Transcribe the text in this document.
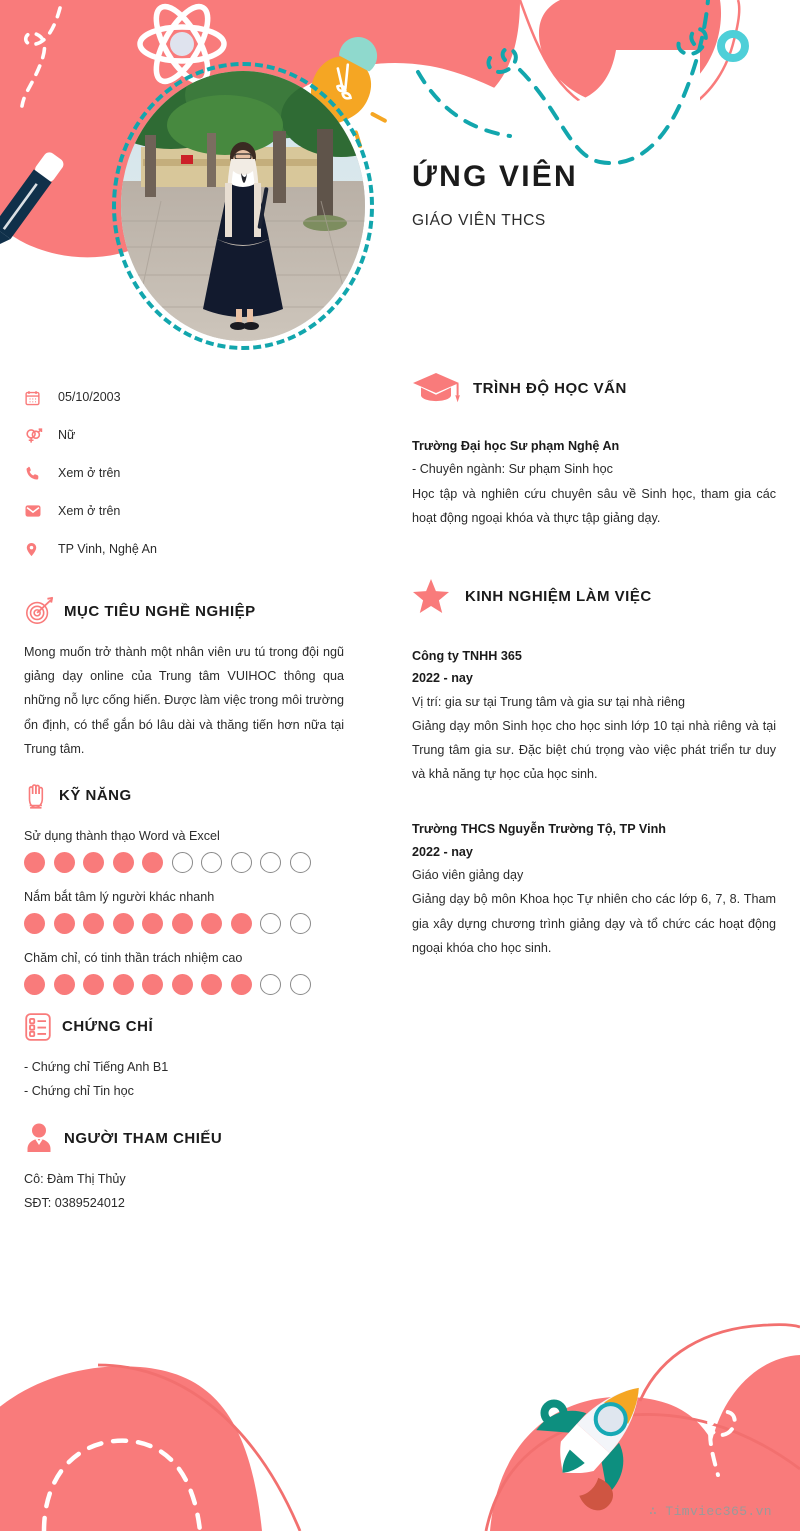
ỨNG VIÊN
GIÁO VIÊN THCS
05/10/2003
Nữ
Xem ở trên
Xem ở trên
TP Vinh, Nghệ An
MỤC TIÊU NGHỀ NGHIỆP
Mong muốn trở thành một nhân viên ưu tú trong đội ngũ giảng dạy online của Trung tâm VUIHOC thông qua những nỗ lực cống hiến. Được làm việc trong môi trường ổn định, có thể gắn bó lâu dài và thăng tiến hơn nữa tại Trung tâm.
KỸ NĂNG
Sử dụng thành thạo Word và Excel
Nắm bắt tâm lý người khác nhanh
Chăm chỉ, có tinh thần trách nhiệm cao
CHỨNG CHỈ
- Chứng chỉ Tiếng Anh B1
- Chứng chỉ Tin học
NGƯỜI THAM CHIẾU
Cô: Đàm Thị Thủy
SĐT: 0389524012
TRÌNH ĐỘ HỌC VẤN
Trường Đại học Sư phạm Nghệ An
- Chuyên ngành: Sư phạm Sinh học
Học tập và nghiên cứu chuyên sâu về Sinh học, tham gia các hoạt động ngoại khóa và thực tập giảng dạy.
KINH NGHIỆM LÀM VIỆC
Công ty TNHH 365
2022 - nay
Vị trí: gia sư tại Trung tâm và gia sư tại nhà riêng
Giảng dạy môn Sinh học cho học sinh lớp 10 tại nhà riêng và tại Trung tâm gia sư. Đặc biệt chú trọng vào việc phát triển tư duy và khả năng tự học của học sinh.
Trường THCS Nguyễn Trường Tộ, TP Vinh
2022 - nay
Giáo viên giảng dạy
Giảng dạy bộ môn Khoa học Tự nhiên cho các lớp 6, 7, 8. Tham gia xây dựng chương trình giảng dạy và tổ chức các hoạt động ngoại khóa cho học sinh.
∴ Timviec365.vn
